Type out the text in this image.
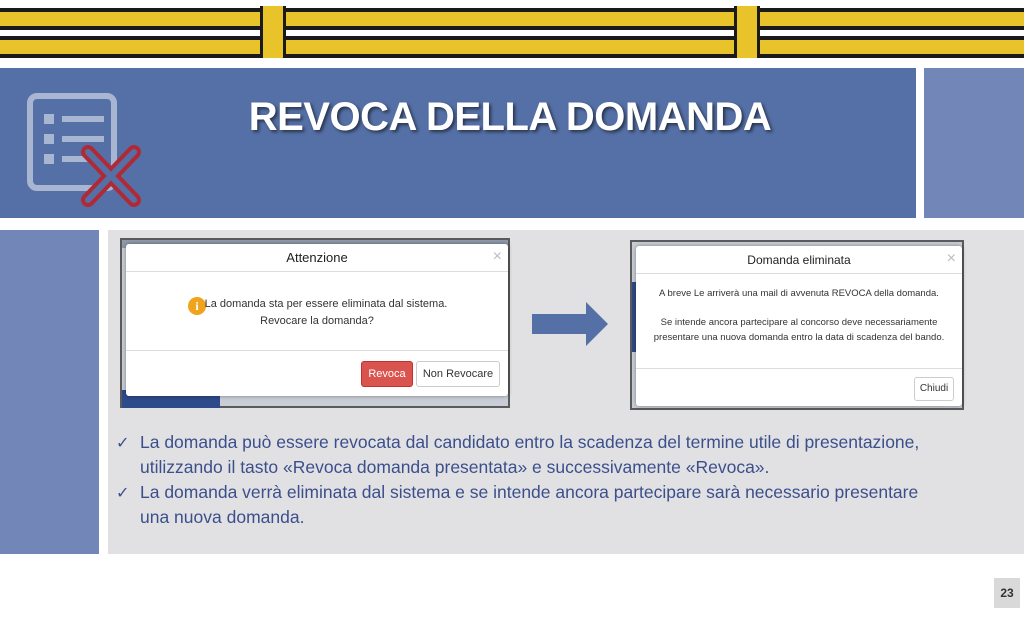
REVOCA DELLA DOMANDA
Attenzione	×
i La domanda sta per essere eliminata dal sistema.
Revocare la domanda?
Revoca	Non Revocare
Domanda eliminata	×
A breve Le arriverà una mail di avvenuta REVOCA della domanda.
Se intende ancora partecipare al concorso deve necessariamente
presentare una nuova domanda entro la data di scadenza del bando.
Chiudi
✓ La domanda può essere revocata dal candidato entro la scadenza del termine utile di presentazione,
utilizzando il tasto «Revoca domanda presentata» e successivamente «Revoca».
✓ La domanda verrà eliminata dal sistema e se intende ancora partecipare sarà necessario presentare
una nuova domanda.
23
